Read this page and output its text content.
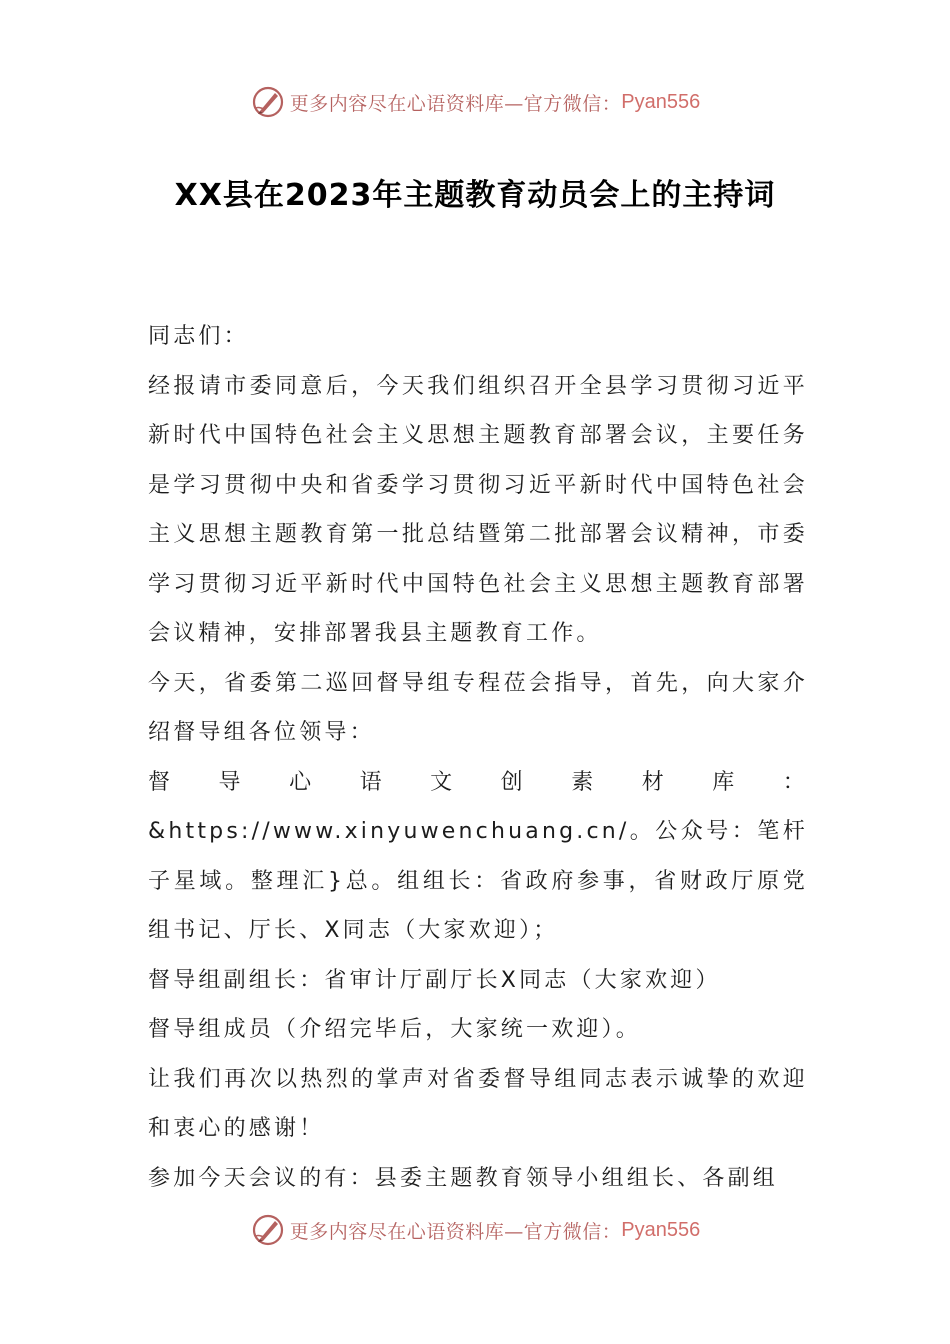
更多内容尽在心语资料库—官方微信： Pyan556
XX县在2023年主题教育动员会上的主持词

同志们：

经报请市委同意后，今天我们组织召开全县学习贯彻习近平新时代中国特色社会主义思想主题教育部署会议，主要任务是学习贯彻中央和省委学习贯彻习近平新时代中国特色社会主义思想主题教育第一批总结暨第二批部署会议精神，市委学习贯彻习近平新时代中国特色社会主义思想主题教育部署会议精神，安排部署我县主题教育工作。

今天，省委第二巡回督导组专程莅会指导，首先，向大家介绍督导组各位领导：

督导心语文创素材库：&https://www.xinyuwenchuang.cn/。公众号：笔杆子星域。整理汇}总。组组长：省政府参事，省财政厅原党组书记、厅长、X同志（大家欢迎）；

督导组副组长：省审计厅副厅长X同志（大家欢迎）

督导组成员（介绍完毕后，大家统一欢迎）。

让我们再次以热烈的掌声对省委督导组同志表示诚挚的欢迎和衷心的感谢！

参加今天会议的有：县委主题教育领导小组组长、各副组

更多内容尽在心语资料库—官方微信： Pyan556
